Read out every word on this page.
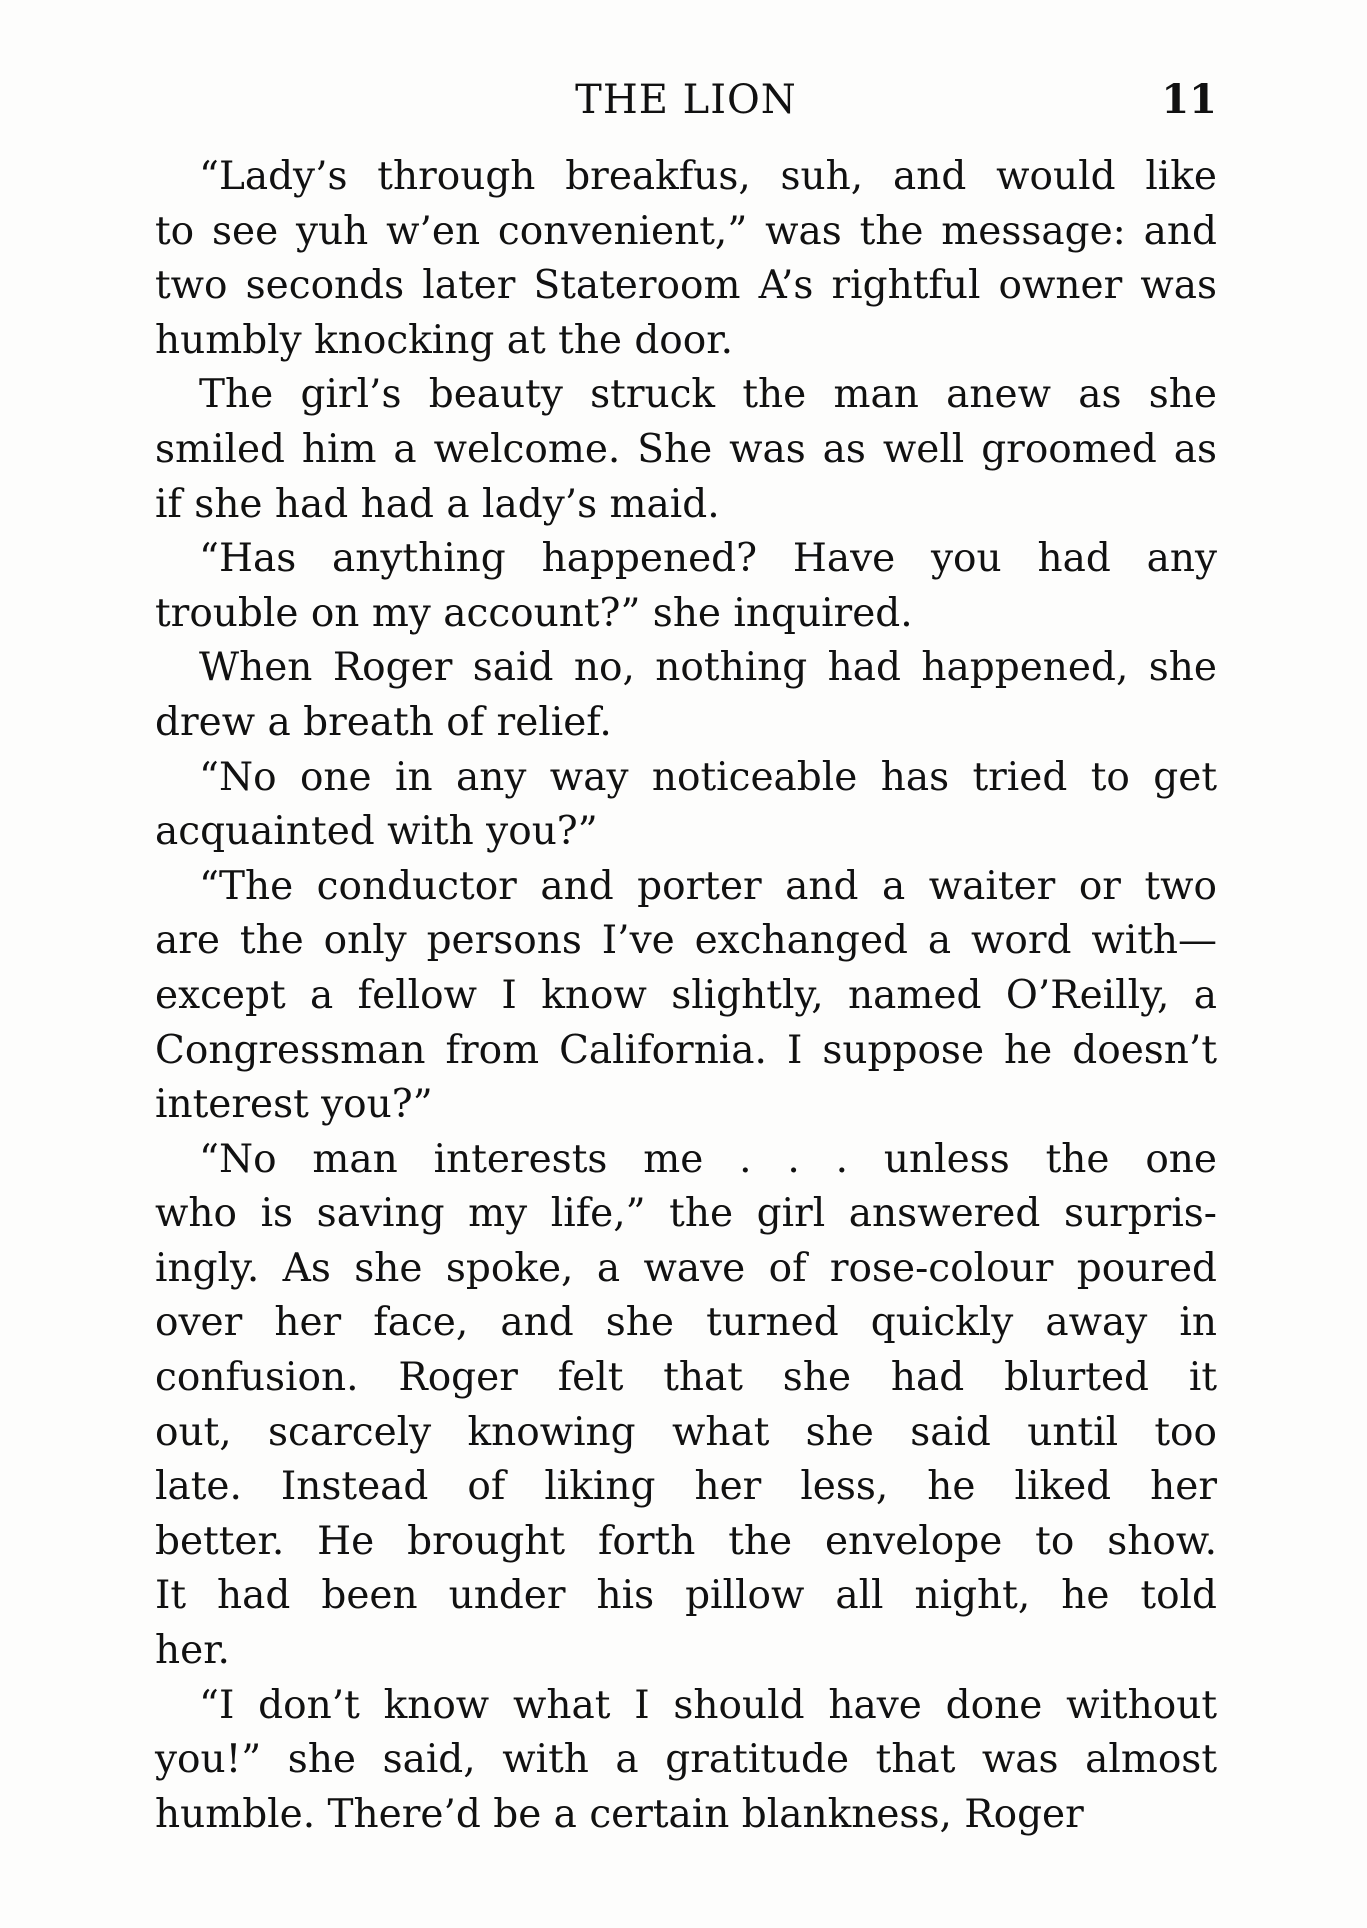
THE LION	11
“Lady’s through breakfus, suh, and would like
to see yuh w’en convenient,” was the message: and
two seconds later Stateroom A’s rightful owner was
humbly knocking at the door.
The girl’s beauty struck the man anew as she
smiled him a welcome. She was as well groomed as
if she had had a lady’s maid.
“Has anything happened? Have you had any
trouble on my account?” she inquired.
When Roger said no, nothing had happened, she
drew a breath of relief.
“No one in any way noticeable has tried to get
acquainted with you?”
“The conductor and porter and a waiter or two
are the only persons I’ve exchanged a word with—
except a fellow I know slightly, named O’Reilly, a
Congressman from California. I suppose he doesn’t
interest you?”
“No man interests me . . . unless the one
who is saving my life,” the girl answered surpris-
ingly. As she spoke, a wave of rose-colour poured
over her face, and she turned quickly away in
confusion. Roger felt that she had blurted it
out, scarcely knowing what she said until too
late. Instead of liking her less, he liked her
better. He brought forth the envelope to show.
It had been under his pillow all night, he told
her.
“I don’t know what I should have done without
you!” she said, with a gratitude that was almost
humble. There’d be a certain blankness, Roger
